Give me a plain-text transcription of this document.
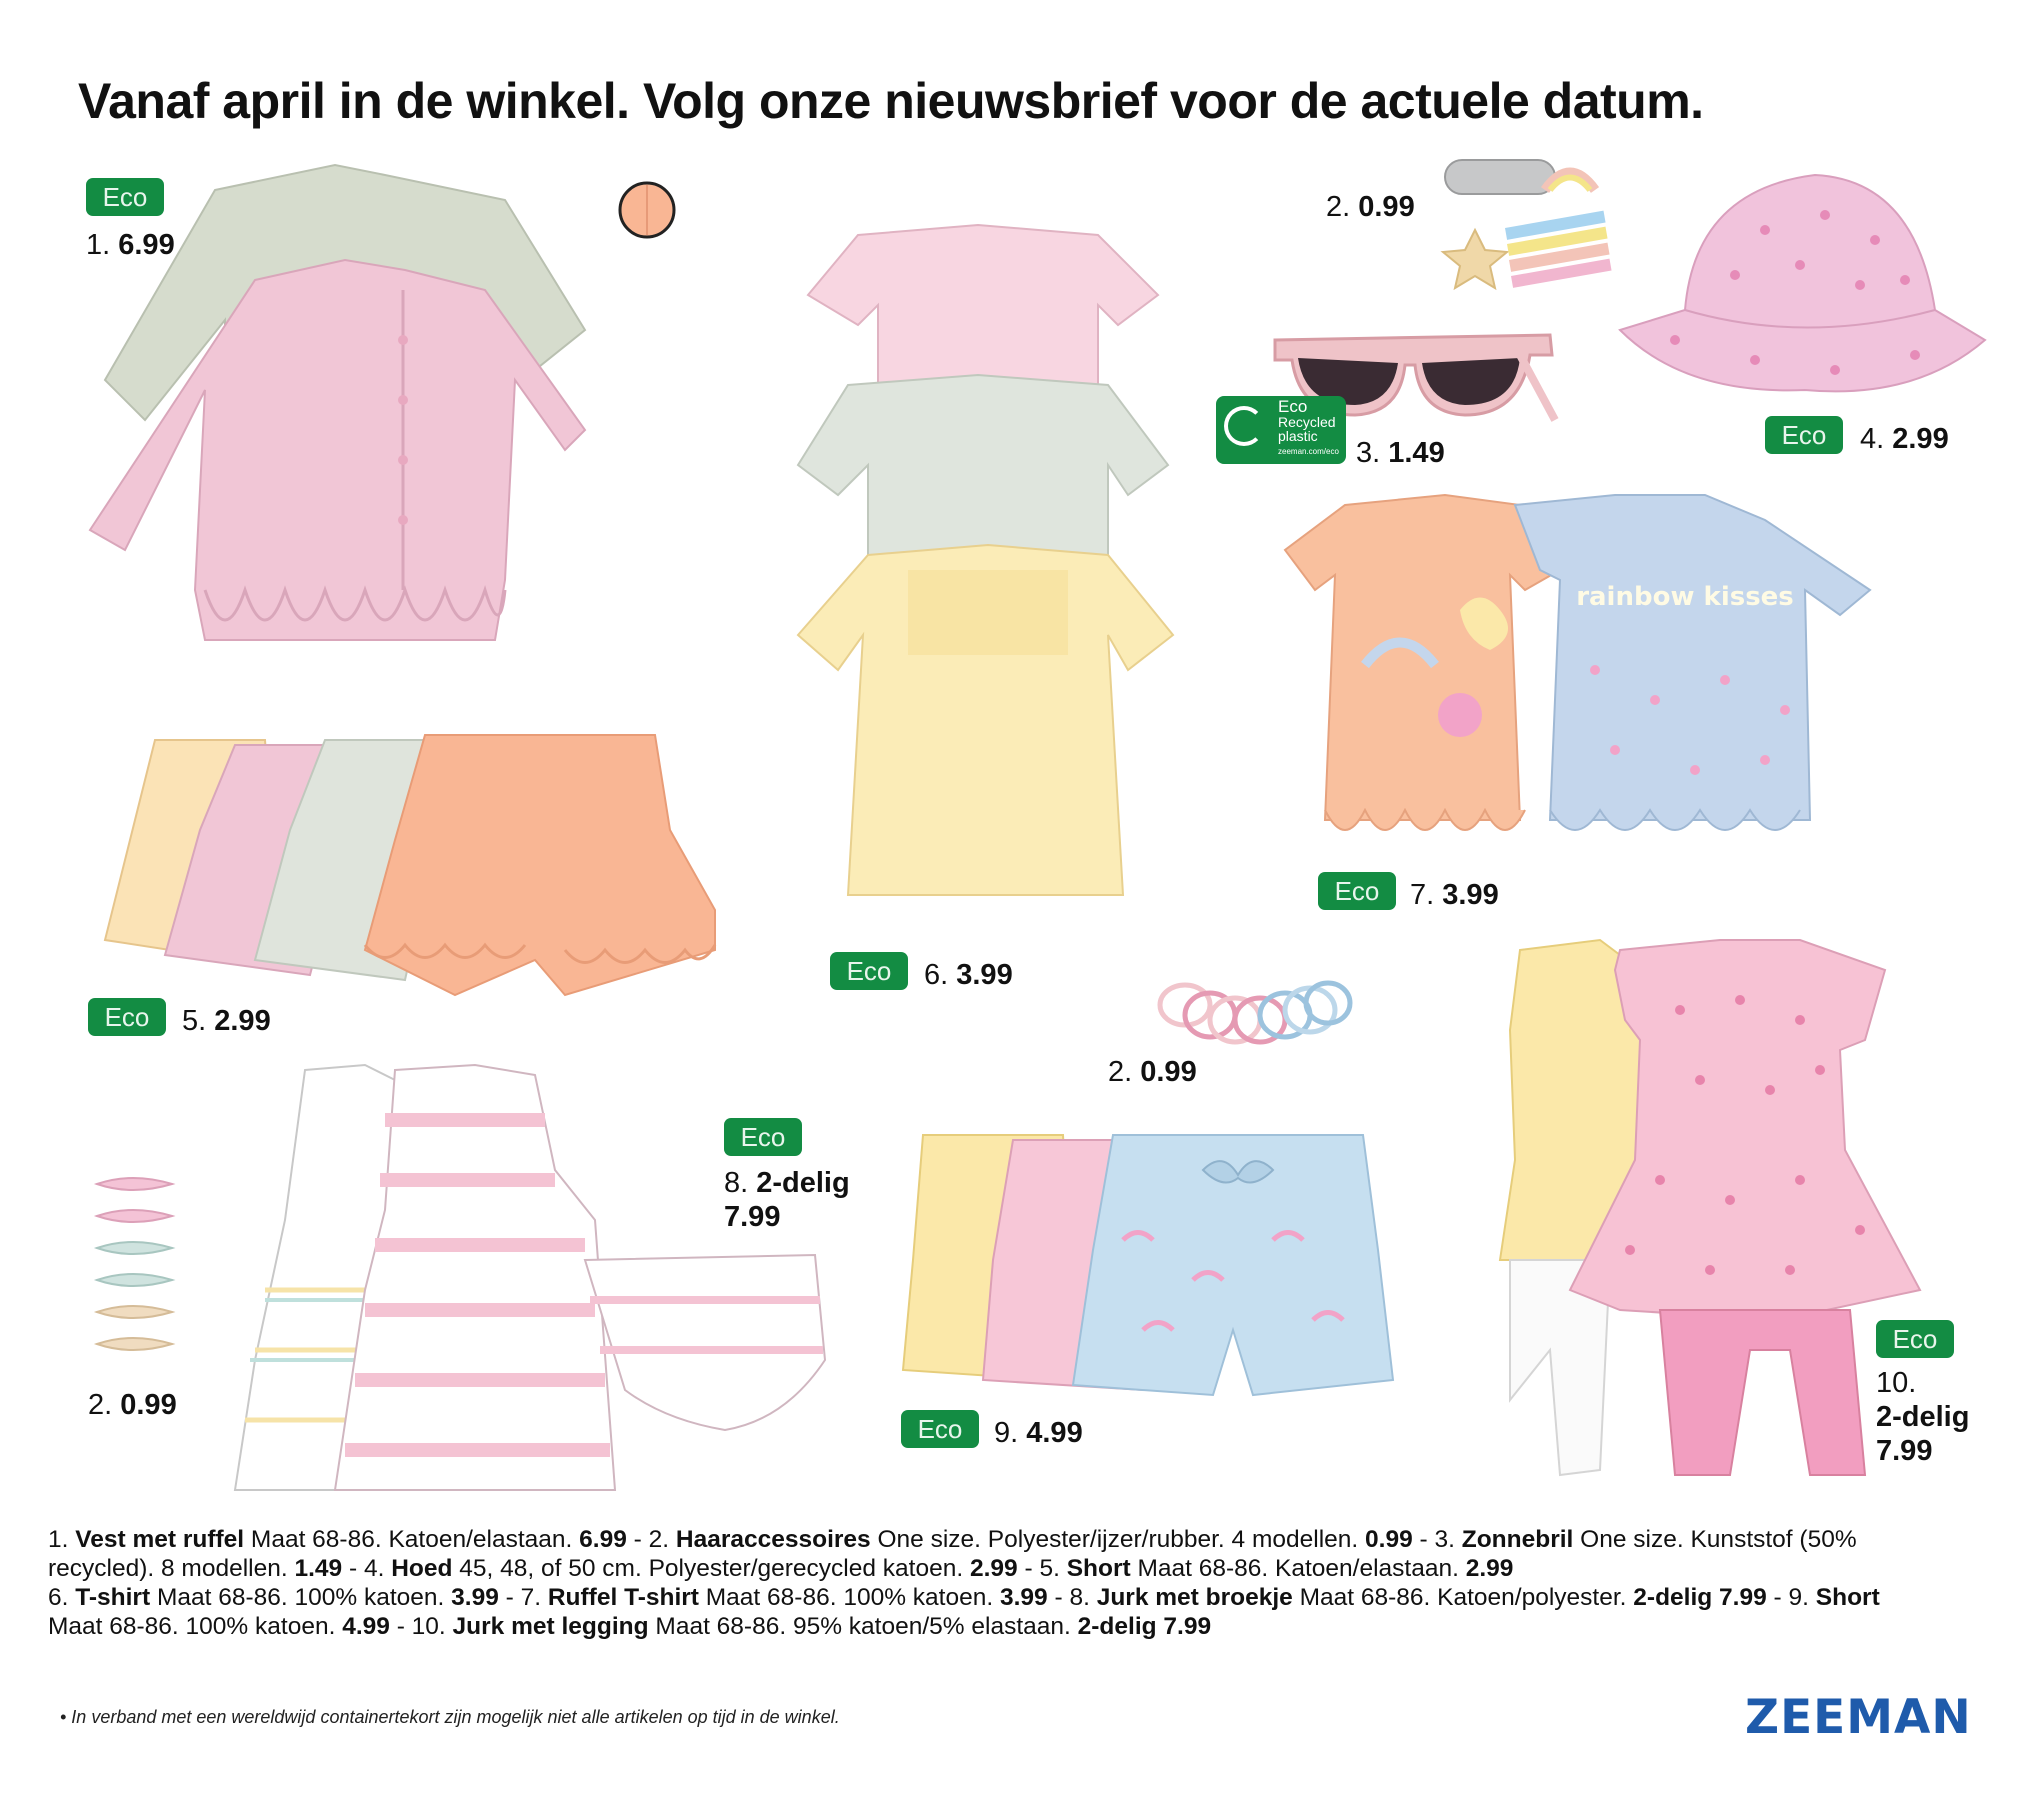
Vanaf april in de winkel. Volg onze nieuwsbrief voor de actuele datum.
Eco
1. 6.99
Eco	6. 3.99
2. 0.99
Eco
Recycled
plastic
zeeman.com/eco 3. 1.49
Eco	4. 2.99
rainbow kisses
Eco	7. 3.99
Eco	5. 2.99
2. 0.99
Eco
8. 2-delig
7.99
2. 0.99
Eco	9. 4.99
Eco
10.
2-delig
7.99

1. Vest met ruffel Maat 68-86. Katoen/elastaan. 6.99 - 2. Haaraccessoires One size. Polyester/ijzer/rubber. 4 modellen. 0.99 - 3. Zonnebril One size. Kunststof (50% recycled). 8 modellen. 1.49 - 4. Hoed 45, 48, of 50 cm. Polyester/gerecycled katoen. 2.99 - 5. Short Maat 68-86. Katoen/elastaan. 2.99
6. T-shirt Maat 68-86. 100% katoen. 3.99 - 7. Ruffel T-shirt Maat 68-86. 100% katoen. 3.99 - 8. Jurk met broekje Maat 68-86. Katoen/polyester. 2-delig 7.99 - 9. Short Maat 68-86. 100% katoen. 4.99 - 10. Jurk met legging Maat 68-86. 95% katoen/5% elastaan. 2-delig 7.99

• In verband met een wereldwijd containertekort zijn mogelijk niet alle artikelen op tijd in de winkel.	ZEEMAN
